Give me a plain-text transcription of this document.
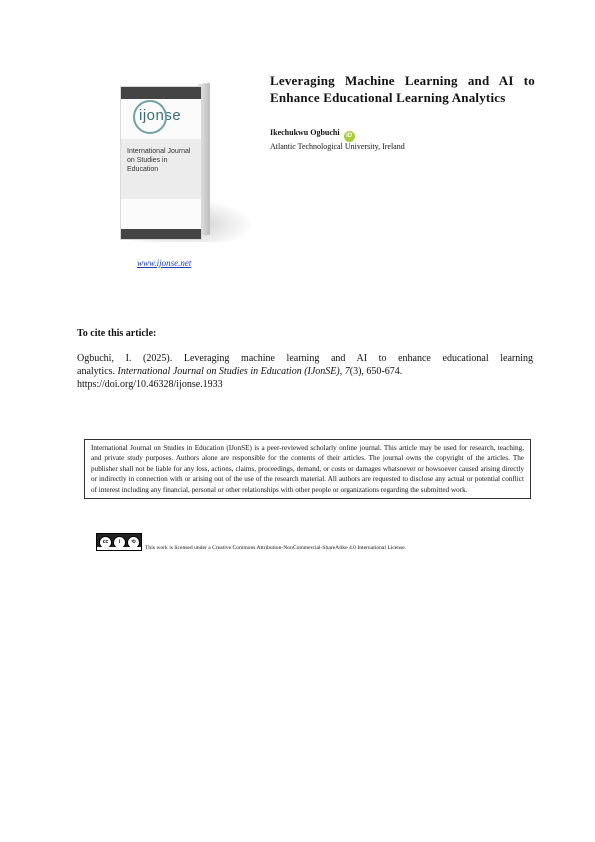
ijonse
International Journal on Studies in Education
www.ijonse.net
Leveraging Machine Learning and AI to Enhance Educational Learning Analytics
Ikechukwu Ogbuchi iD
Atlantic Technological University, Ireland
To cite this article:
Ogbuchi, I. (2025). Leveraging machine learning and AI to enhance educational learning
analytics. International Journal on Studies in Education (IJonSE), 7(3), 650-674.
https://doi.org/10.46328/ijonse.1933
International Journal on Studies in Education (IJonSE) is a peer-reviewed scholarly online journal. This article may be used for research, teaching, and private study purposes. Authors alone are responsible for the contents of their articles. The journal owns the copyright of the articles. The publisher shall not be liable for any loss, actions, claims, proceedings, demand, or costs or damages whatsoever or howsoever caused arising directly or indirectly in connection with or arising out of the use of the research material. All authors are requested to disclose any actual or potential conflict of interest including any financial, personal or other relationships with other people or organizations regarding the submitted work.
cc	i	⟲
This work is licensed under a Creative Commons Attribution-NonCommercial-ShareAlike 4.0 International License.
